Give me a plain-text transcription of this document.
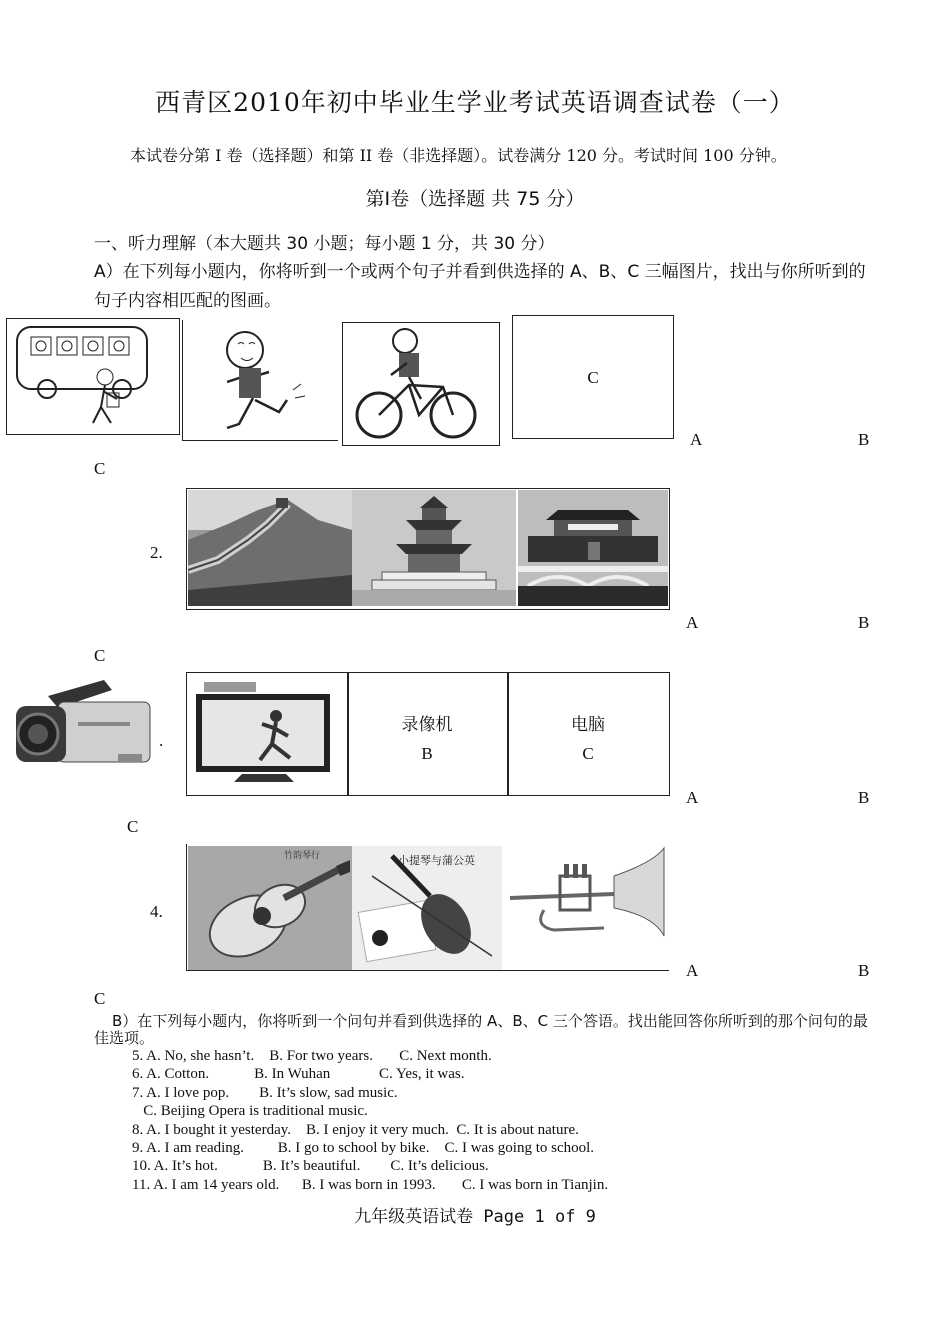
西青区2010年初中毕业生学业考试英语调查试卷（一）
本试卷分第 I 卷（选择题）和第 II 卷（非选择题）。试卷满分 120 分。考试时间 100 分钟。
第Ⅰ卷（选择题 共 75 分）
一、听力理解（本大题共 30 小题；每小题 1 分，共 30 分）
A）在下列每小题内，你将听到一个或两个句子并看到供选择的 A、B、C 三幅图片，找出与你所听到的句子内容相匹配的图画。
C
A	B
C
2.
A	B
C
.
录像机
B
电脑
C
A	B
C
4.
竹韵琴行	小提琴与蒲公英
A	B
C
B）在下列每小题内，你将听到一个问句并看到供选择的 A、B、C 三个答语。找出能回答你所听到的那个问句的最佳选项。
5. A. No, she hasn’t.    B. For two years.       C. Next month.
6. A. Cotton.            B. In Wuhan             C. Yes, it was.
7. A. I love pop.        B. It’s slow, sad music.
C. Beijing Opera is traditional music.
8. A. I bought it yesterday.    B. I enjoy it very much.  C. It is about nature.
9. A. I am reading.         B. I go to school by bike.    C. I was going to school.
10. A. It’s hot.            B. It’s beautiful.        C. It’s delicious.
11. A. I am 14 years old.      B. I was born in 1993.       C. I was born in Tianjin.
九年级英语试卷 Page 1 of 9
